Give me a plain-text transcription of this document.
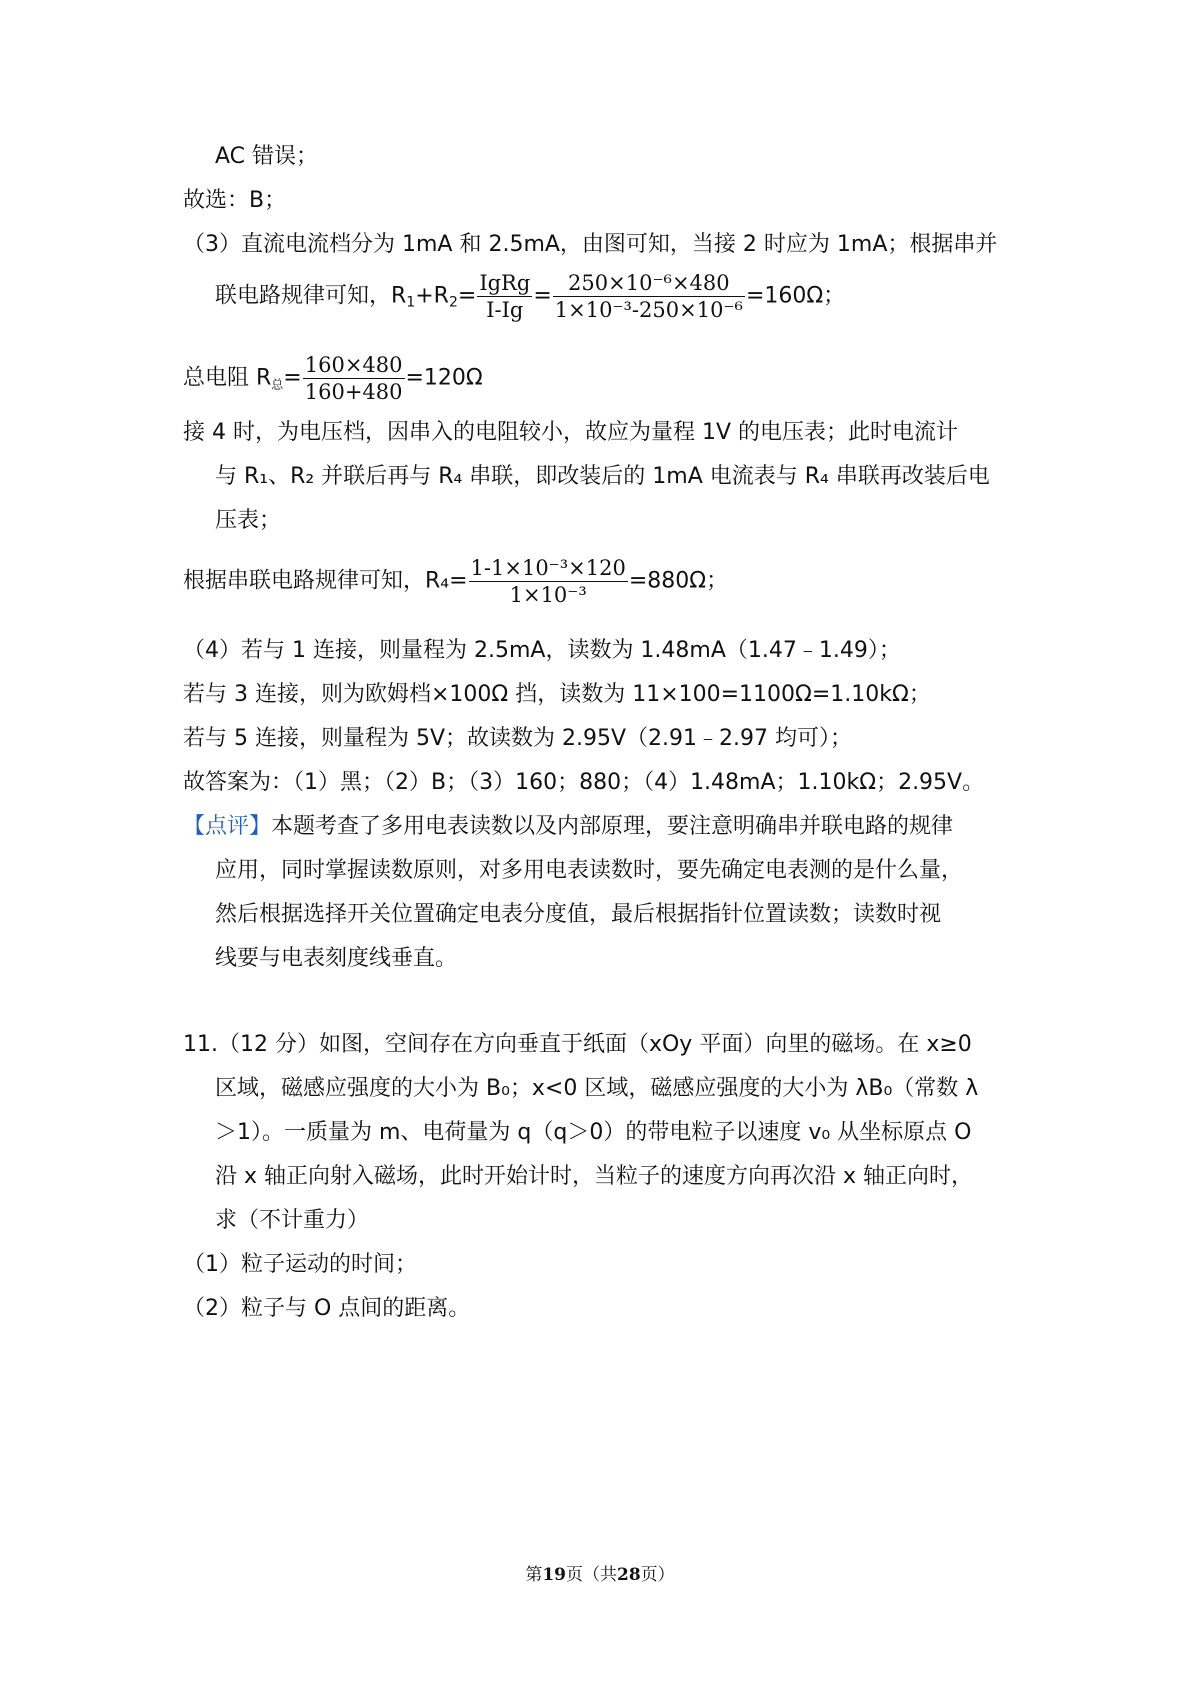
AC 错误；
故选：B；
（3）直流电流档分为 1mA 和 2.5mA，由图可知，当接 2 时应为 1mA；根据串并
联电路规律可知，$R_1+R_2= \frac{\text{IgRg}}{I-Ig} = \frac{\text{250×10⁻⁶×480}}{\text{1×10⁻³-250×10⁻⁶}} =160\Omega$；
总电阻 R总= $\frac{160\times 480}{160+480} =120\Omega$
接 4 时，为电压档，因串入的电阻较小，故应为量程 1V 的电压表；此时电流计
与 R₁、R₂ 并联后再与 R₄ 串联，即改装后的 1mA 电流表与 R₄ 串联再改装后电
压表；
根据串联电路规律可知，$R_4= \frac{\text{1-1×10⁻³×120}}{\text{1×10⁻³}} =880\Omega$；
（4）若与 1 连接，则量程为 2.5mA，读数为 1.48mA（1.47﹣1.49）；
若与 3 连接，则为欧姆档×100Ω 挡，读数为 11×100=1100Ω=1.10kΩ；
若与 5 连接，则量程为 5V；故读数为 2.95V（2.91﹣2.97 均可）；
故答案为：（1）黑；（2）B；（3）160；880；（4）1.48mA；1.10kΩ；2.95V。
【点评】本题考查了多用电表读数以及内部原理，要注意明确串并联电路的规律
应用，同时掌握读数原则，对多用电表读数时，要先确定电表测的是什么量，
然后根据选择开关位置确定电表分度值，最后根据指针位置读数；读数时视
线要与电表刻度线垂直。
11.（12 分）如图，空间存在方向垂直于纸面（xOy 平面）向里的磁场。在 x≥0
区域，磁感应强度的大小为 B₀；x<0 区域，磁感应强度的大小为 λB₀（常数 λ
＞1）。一质量为 m、电荷量为 q（q＞0）的带电粒子以速度 v₀ 从坐标原点 O
沿 x 轴正向射入磁场，此时开始计时，当粒子的速度方向再次沿 x 轴正向时，
求（不计重力）
（1）粒子运动的时间；
（2）粒子与 O 点间的距离。
第19页（共28页）
